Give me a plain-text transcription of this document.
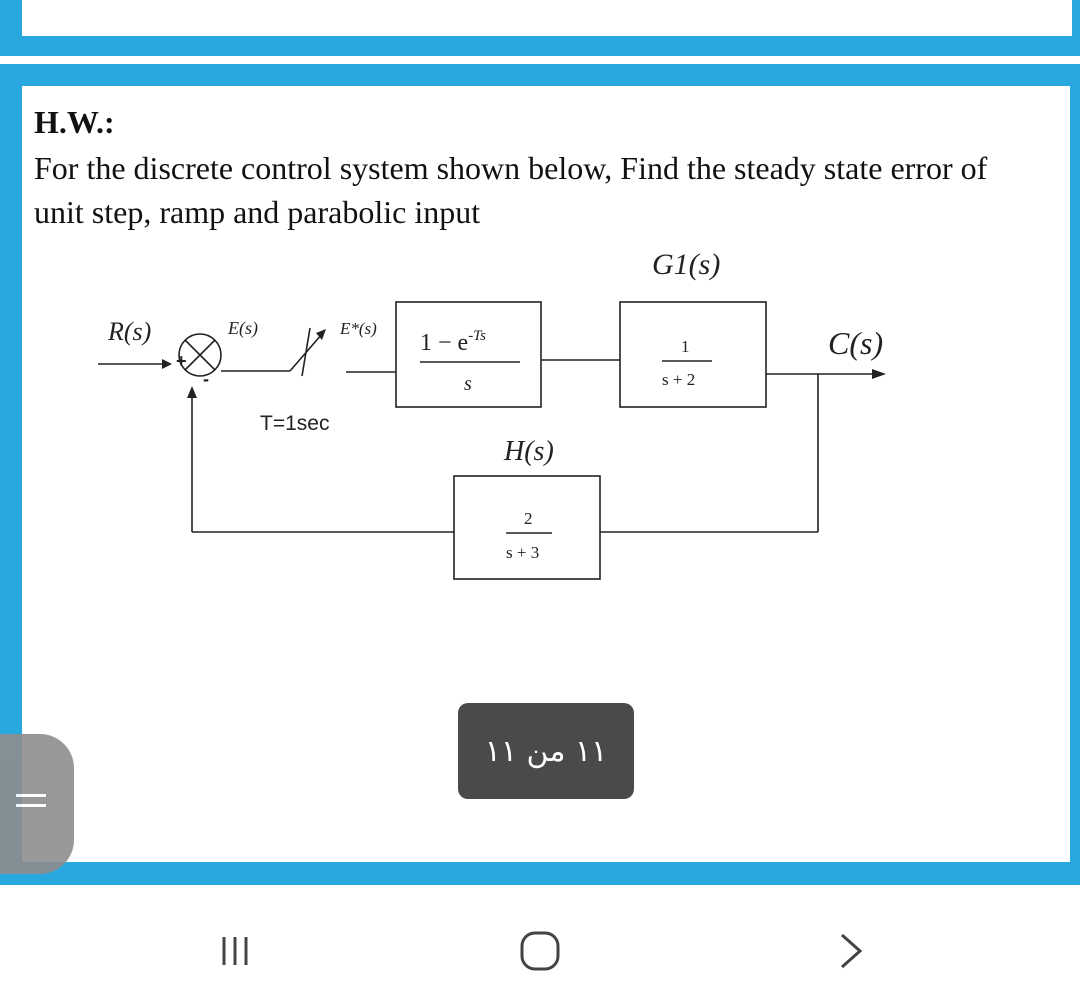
H.W.:

For the discrete control system shown below, Find the steady state error of unit step, ramp and parabolic input

R(s)	E(s)	E*(s)
+
-
$1 - e^{-Ts}$
s
G1(s)
1
s + 2
C(s)
H(s)
2
s + 3
T=1sec
١١ من ١١
